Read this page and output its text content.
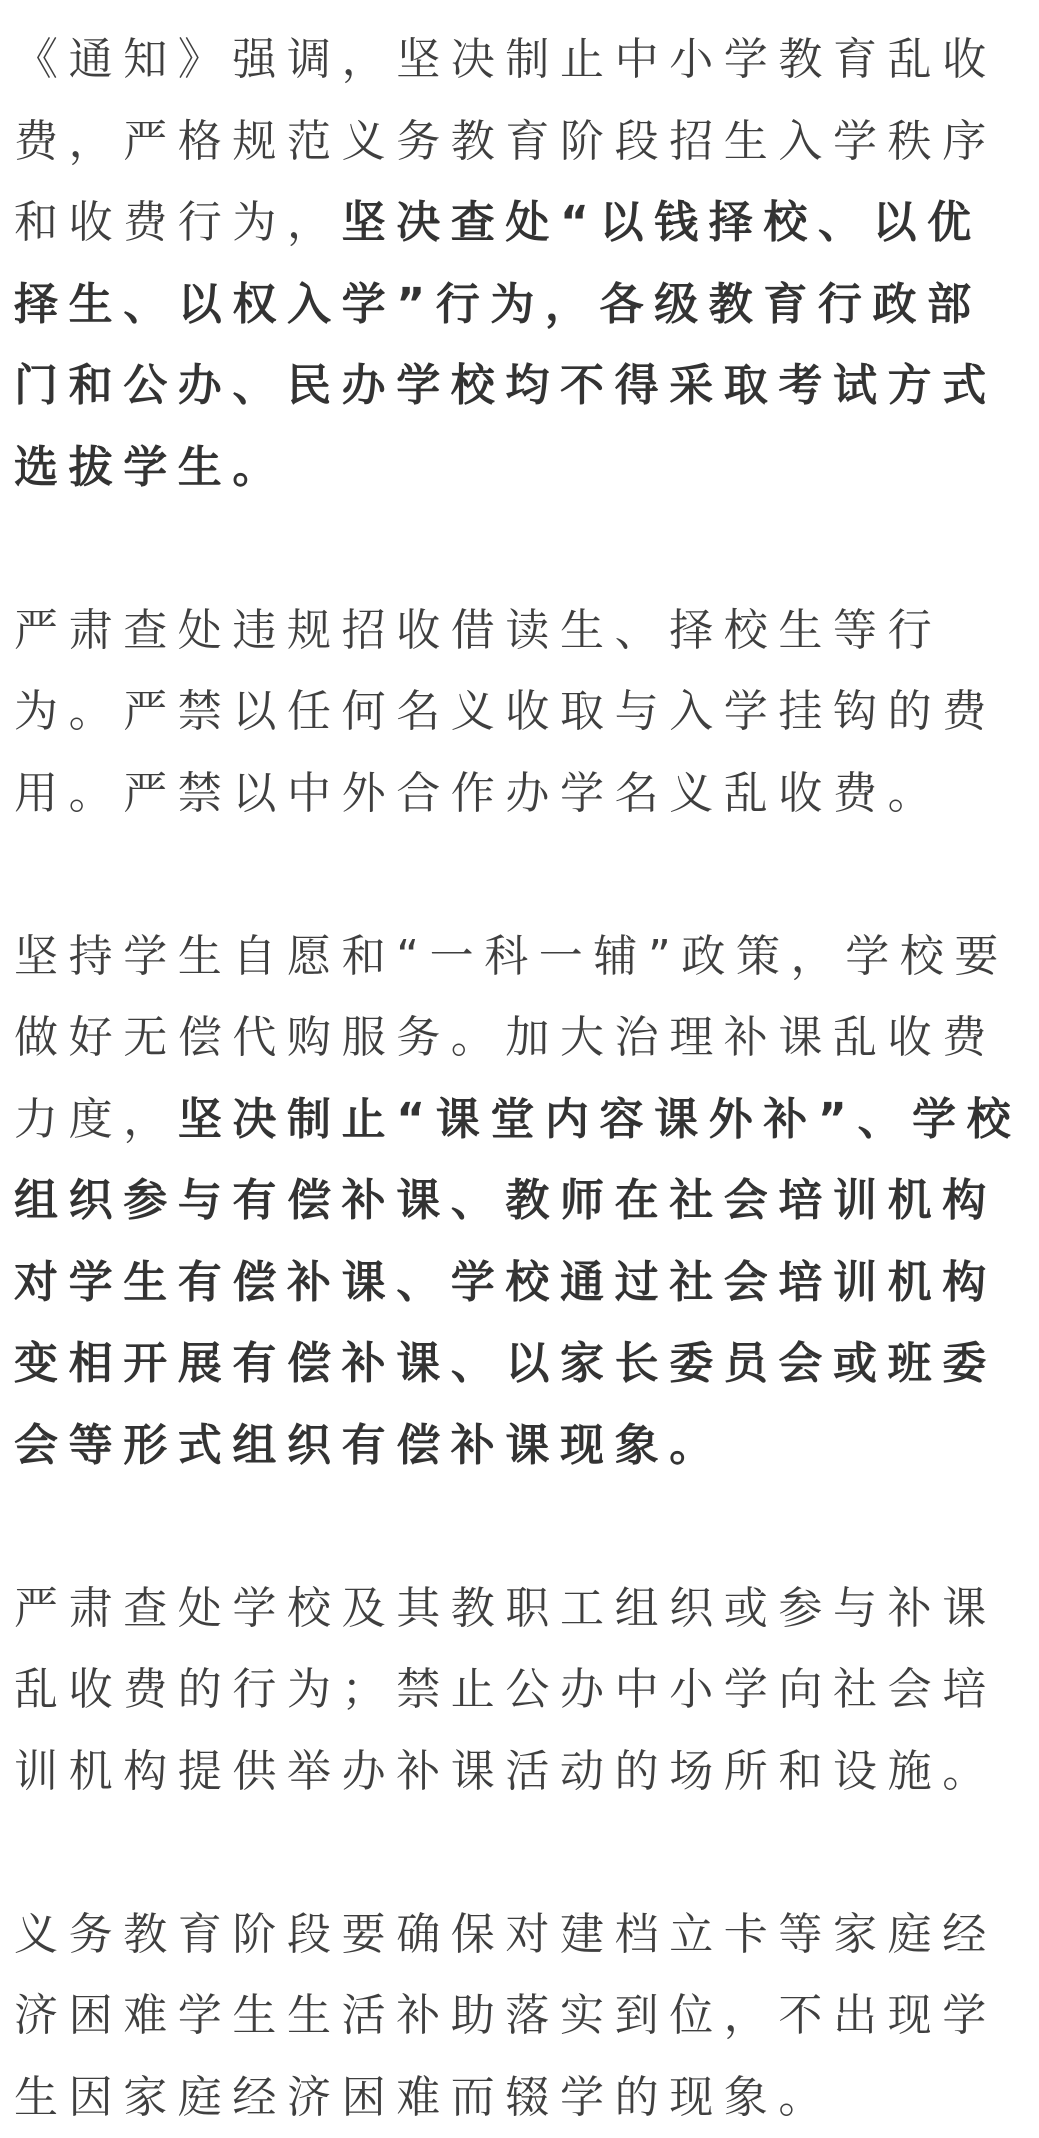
《通知》强调，坚决制止中小学教育乱收费，严格规范义务教育阶段招生入学秩序和收费行为，坚决查处“以钱择校、以优择生、以权入学”行为，各级教育行政部门和公办、民办学校均不得采取考试方式选拔学生。

严肃查处违规招收借读生、择校生等行为。严禁以任何名义收取与入学挂钩的费用。严禁以中外合作办学名义乱收费。

坚持学生自愿和“一科一辅”政策，学校要做好无偿代购服务。加大治理补课乱收费力度，坚决制止“课堂内容课外补”、学校组织参与有偿补课、教师在社会培训机构对学生有偿补课、学校通过社会培训机构变相开展有偿补课、以家长委员会或班委会等形式组织有偿补课现象。

严肃查处学校及其教职工组织或参与补课乱收费的行为；禁止公办中小学向社会培训机构提供举办补课活动的场所和设施。

义务教育阶段要确保对建档立卡等家庭经济困难学生生活补助落实到位，不出现学生因家庭经济困难而辍学的现象。
